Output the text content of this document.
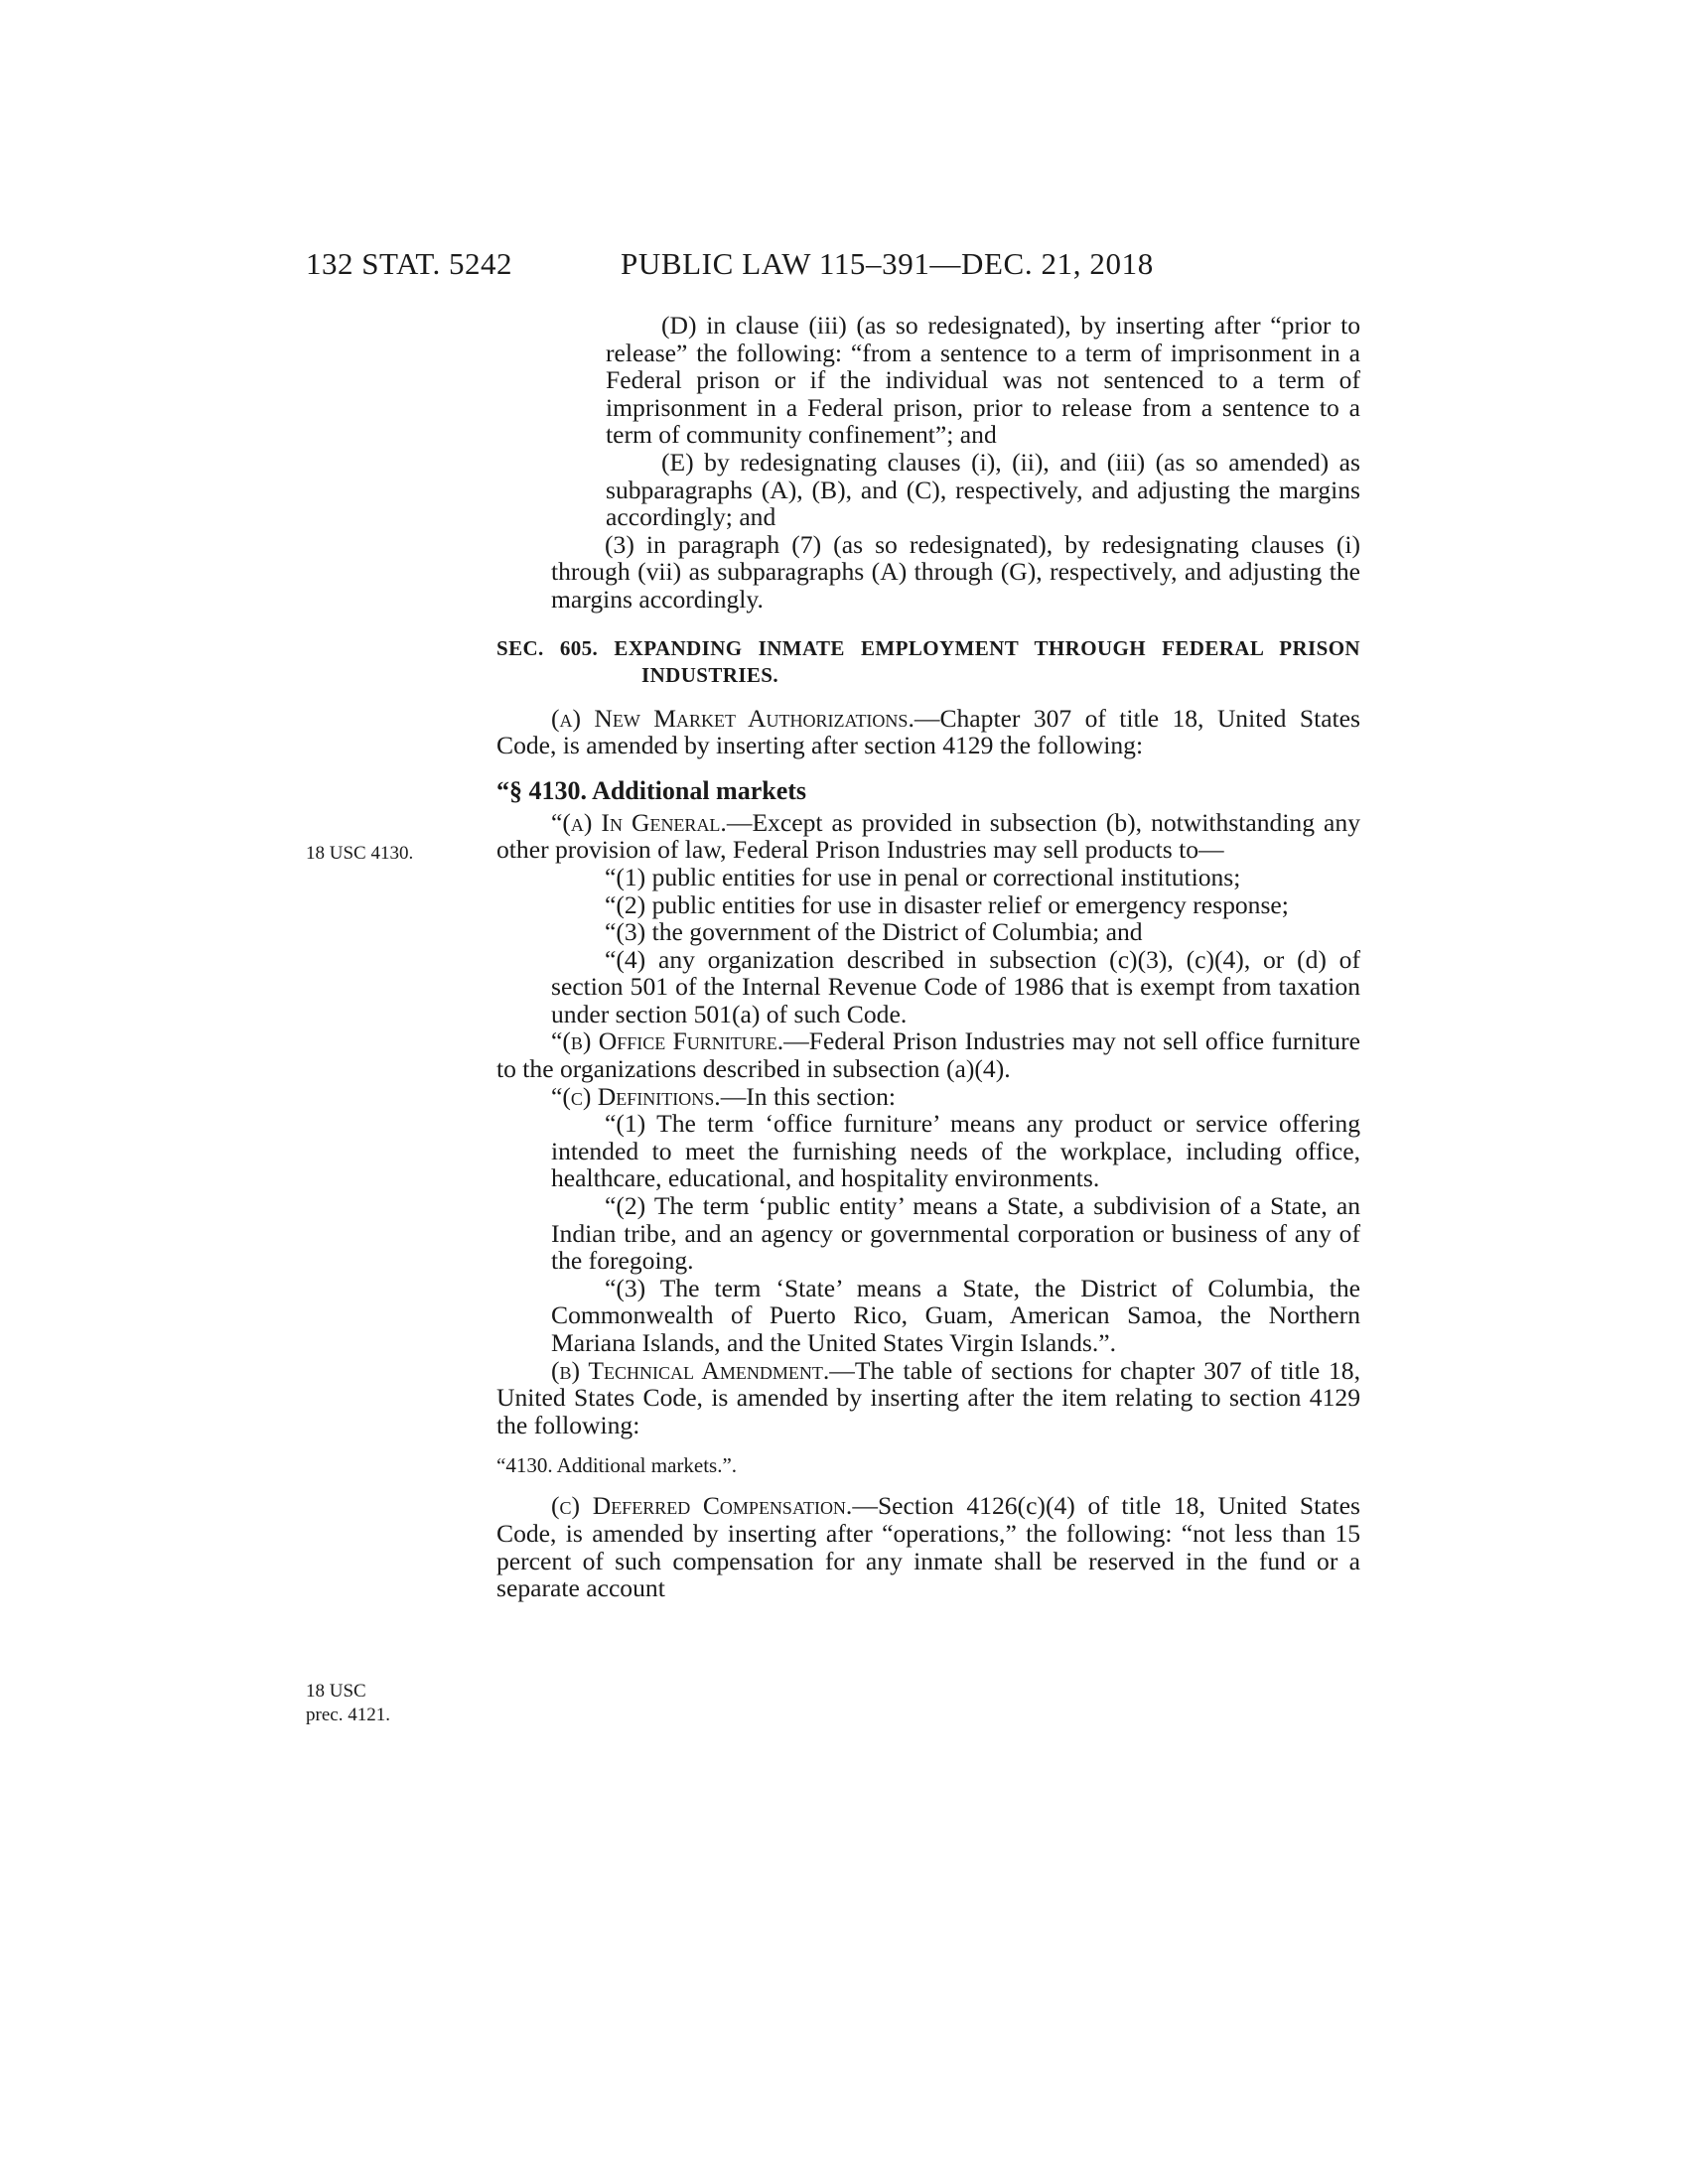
132 STAT. 5242	PUBLIC LAW 115–391—DEC. 21, 2018
18 USC 4130.
18 USC
prec. 4121.

(D) in clause (iii) (as so redesignated), by inserting after “prior to release” the following: “from a sentence to a term of imprisonment in a Federal prison or if the individual was not sentenced to a term of imprisonment in a Federal prison, prior to release from a sentence to a term of community confinement”; and

(E) by redesignating clauses (i), (ii), and (iii) (as so amended) as subparagraphs (A), (B), and (C), respectively, and adjusting the margins accordingly; and

(3) in paragraph (7) (as so redesignated), by redesignating clauses (i) through (vii) as subparagraphs (A) through (G), respectively, and adjusting the margins accordingly.

SEC. 605. EXPANDING INMATE EMPLOYMENT THROUGH FEDERAL PRISON INDUSTRIES.

(a) New Market Authorizations.—Chapter 307 of title 18, United States Code, is amended by inserting after section 4129 the following:

“§ 4130. Additional markets

“(a) In General.—Except as provided in subsection (b), notwithstanding any other provision of law, Federal Prison Industries may sell products to—

“(1) public entities for use in penal or correctional institutions;

“(2) public entities for use in disaster relief or emergency response;

“(3) the government of the District of Columbia; and

“(4) any organization described in subsection (c)(3), (c)(4), or (d) of section 501 of the Internal Revenue Code of 1986 that is exempt from taxation under section 501(a) of such Code.

“(b) Office Furniture.—Federal Prison Industries may not sell office furniture to the organizations described in subsection (a)(4).

“(c) Definitions.—In this section:

“(1) The term ‘office furniture’ means any product or service offering intended to meet the furnishing needs of the workplace, including office, healthcare, educational, and hospitality environments.

“(2) The term ‘public entity’ means a State, a subdivision of a State, an Indian tribe, and an agency or governmental corporation or business of any of the foregoing.

“(3) The term ‘State’ means a State, the District of Columbia, the Commonwealth of Puerto Rico, Guam, American Samoa, the Northern Mariana Islands, and the United States Virgin Islands.”.

(b) Technical Amendment.—The table of sections for chapter 307 of title 18, United States Code, is amended by inserting after the item relating to section 4129 the following:

“4130. Additional markets.”.

(c) Deferred Compensation.—Section 4126(c)(4) of title 18, United States Code, is amended by inserting after “operations,” the following: “not less than 15 percent of such compensation for any inmate shall be reserved in the fund or a separate account
